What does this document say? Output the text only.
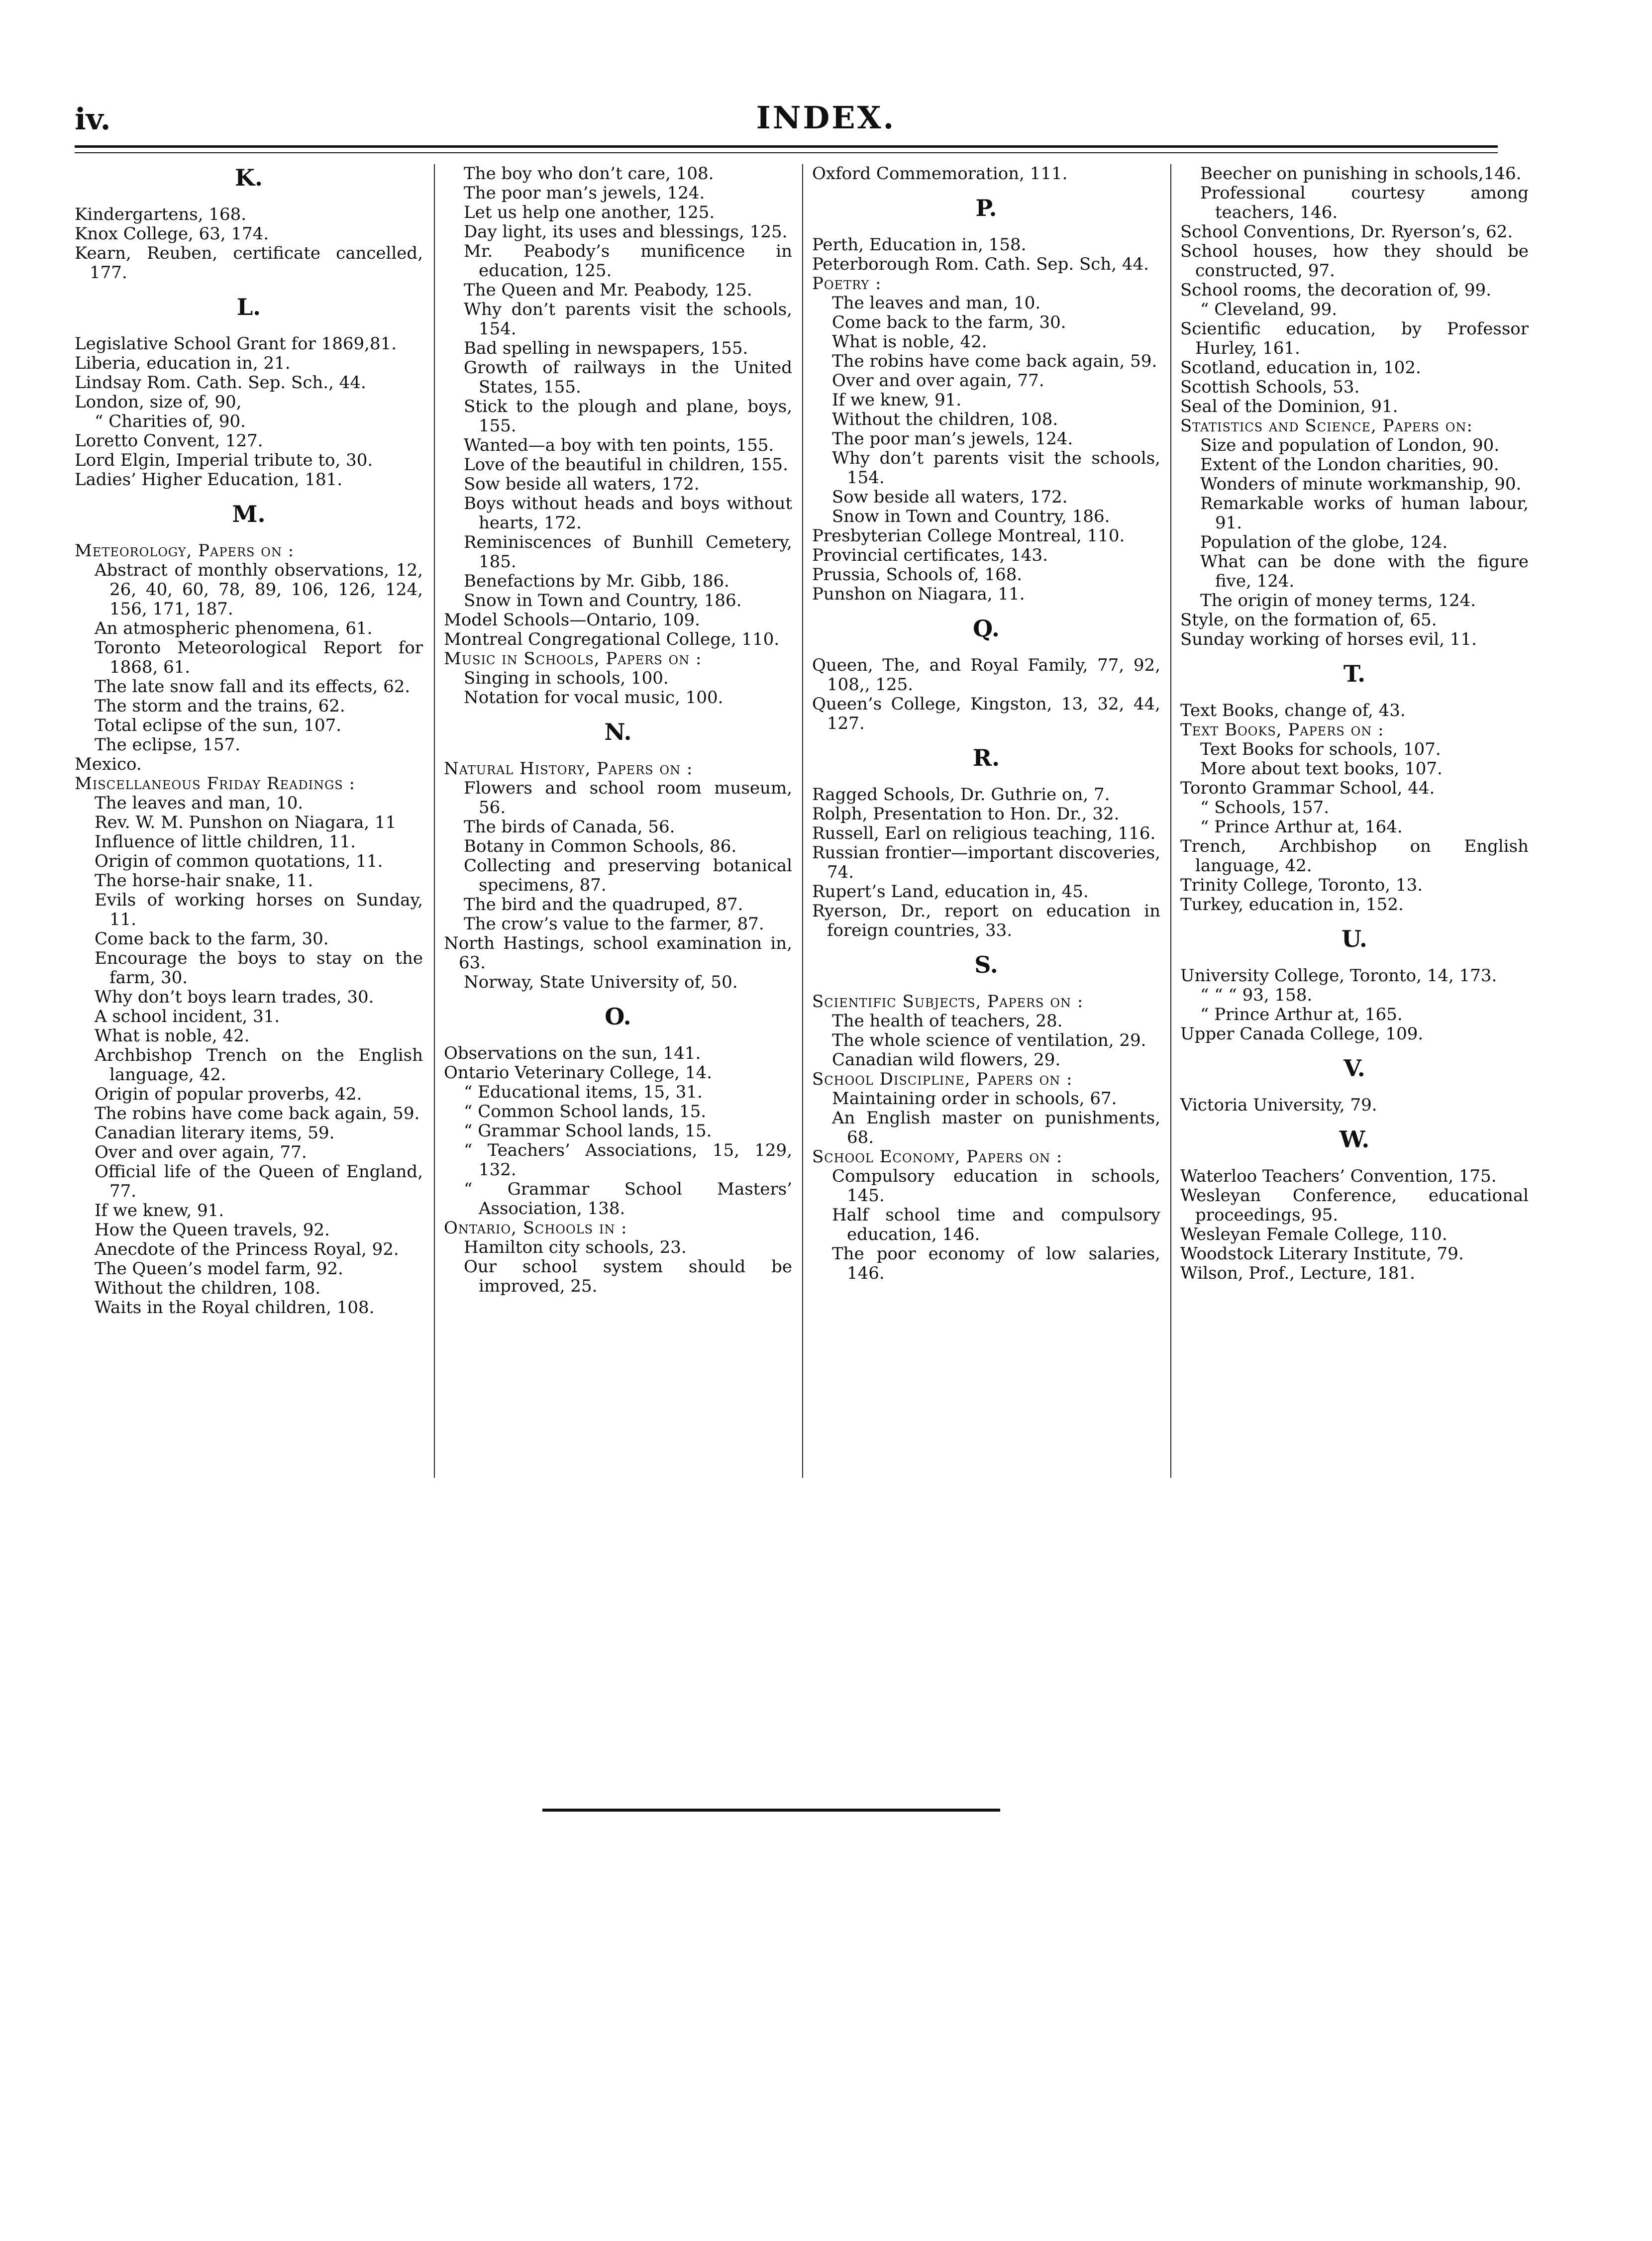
iv.	INDEX.
K.
Kindergartens, 168.
Knox College, 63, 174.
Kearn, Reuben, certificate cancelled, 177.
L.
Legislative School Grant for 1869,81.
Liberia, education in, 21.
Lindsay Rom. Cath. Sep. Sch., 44.
London, size of, 90,
“ Charities of, 90.
Loretto Convent, 127.
Lord Elgin, Imperial tribute to, 30.
Ladies’ Higher Education, 181.
M.
Meteorology, Papers on :
Abstract of monthly observations, 12, 26, 40, 60, 78, 89, 106, 126, 124, 156, 171, 187.
An atmospheric phenomena, 61.
Toronto Meteorological Report for 1868, 61.
The late snow fall and its effects, 62.
The storm and the trains, 62.
Total eclipse of the sun, 107.
The eclipse, 157.
Mexico.
Miscellaneous Friday Readings :
The leaves and man, 10.
Rev. W. M. Punshon on Niagara, 11
Influence of little children, 11.
Origin of common quotations, 11.
The horse-hair snake, 11.
Evils of working horses on Sunday, 11.
Come back to the farm, 30.
Encourage the boys to stay on the farm, 30.
Why don’t boys learn trades, 30.
A school incident, 31.
What is noble, 42.
Archbishop Trench on the English language, 42.
Origin of popular proverbs, 42.
The robins have come back again, 59.
Canadian literary items, 59.
Over and over again, 77.
Official life of the Queen of England, 77.
If we knew, 91.
How the Queen travels, 92.
Anecdote of the Princess Royal, 92.
The Queen’s model farm, 92.
Without the children, 108.
Waits in the Royal children, 108.
The boy who don’t care, 108.
The poor man’s jewels, 124.
Let us help one another, 125.
Day light, its uses and blessings, 125.
Mr. Peabody’s munificence in education, 125.
The Queen and Mr. Peabody, 125.
Why don’t parents visit the schools, 154.
Bad spelling in newspapers, 155.
Growth of railways in the United States, 155.
Stick to the plough and plane, boys, 155.
Wanted—a boy with ten points, 155.
Love of the beautiful in children, 155.
Sow beside all waters, 172.
Boys without heads and boys without hearts, 172.
Reminiscences of Bunhill Cemetery, 185.
Benefactions by Mr. Gibb, 186.
Snow in Town and Country, 186.
Model Schools—Ontario, 109.
Montreal Congregational College, 110.
Music in Schools, Papers on :
Singing in schools, 100.
Notation for vocal music, 100.
N.
Natural History, Papers on :
Flowers and school room museum, 56.
The birds of Canada, 56.
Botany in Common Schools, 86.
Collecting and preserving botanical specimens, 87.
The bird and the quadruped, 87.
The crow’s value to the farmer, 87.
North Hastings, school examination in, 63.
Norway, State University of, 50.
O.
Observations on the sun, 141.
Ontario Veterinary College, 14.
“ Educational items, 15, 31.
“ Common School lands, 15.
“ Grammar School lands, 15.
“ Teachers’ Associations, 15, 129, 132.
“ Grammar School Masters’ Association, 138.
Ontario, Schools in :
Hamilton city schools, 23.
Our school system should be improved, 25.
Oxford Commemoration, 111.
P.
Perth, Education in, 158.
Peterborough Rom. Cath. Sep. Sch, 44.
Poetry :
The leaves and man, 10.
Come back to the farm, 30.
What is noble, 42.
The robins have come back again, 59.
Over and over again, 77.
If we knew, 91.
Without the children, 108.
The poor man’s jewels, 124.
Why don’t parents visit the schools, 154.
Sow beside all waters, 172.
Snow in Town and Country, 186.
Presbyterian College Montreal, 110.
Provincial certificates, 143.
Prussia, Schools of, 168.
Punshon on Niagara, 11.
Q.
Queen, The, and Royal Family, 77, 92, 108,, 125.
Queen’s College, Kingston, 13, 32, 44, 127.
R.
Ragged Schools, Dr. Guthrie on, 7.
Rolph, Presentation to Hon. Dr., 32.
Russell, Earl on religious teaching, 116.
Russian frontier—important discoveries, 74.
Rupert’s Land, education in, 45.
Ryerson, Dr., report on education in foreign countries, 33.
S.
Scientific Subjects, Papers on :
The health of teachers, 28.
The whole science of ventilation, 29.
Canadian wild flowers, 29.
School Discipline, Papers on :
Maintaining order in schools, 67.
An English master on punishments, 68.
School Economy, Papers on :
Compulsory education in schools, 145.
Half school time and compulsory education, 146.
The poor economy of low salaries, 146.
Beecher on punishing in schools,146.
Professional courtesy among teachers, 146.
School Conventions, Dr. Ryerson’s, 62.
School houses, how they should be constructed, 97.
School rooms, the decoration of, 99.
“ Cleveland, 99.
Scientific education, by Professor Hurley, 161.
Scotland, education in, 102.
Scottish Schools, 53.
Seal of the Dominion, 91.
Statistics and Science, Papers on:
Size and population of London, 90.
Extent of the London charities, 90.
Wonders of minute workmanship, 90.
Remarkable works of human labour, 91.
Population of the globe, 124.
What can be done with the figure five, 124.
The origin of money terms, 124.
Style, on the formation of, 65.
Sunday working of horses evil, 11.
T.
Text Books, change of, 43.
Text Books, Papers on :
Text Books for schools, 107.
More about text books, 107.
Toronto Grammar School, 44.
“ Schools, 157.
“ Prince Arthur at, 164.
Trench, Archbishop on English language, 42.
Trinity College, Toronto, 13.
Turkey, education in, 152.
U.
University College, Toronto, 14, 173.
“ “ “ 93, 158.
“ Prince Arthur at, 165.
Upper Canada College, 109.
V.
Victoria University, 79.
W.
Waterloo Teachers’ Convention, 175.
Wesleyan Conference, educational proceedings, 95.
Wesleyan Female College, 110.
Woodstock Literary Institute, 79.
Wilson, Prof., Lecture, 181.
